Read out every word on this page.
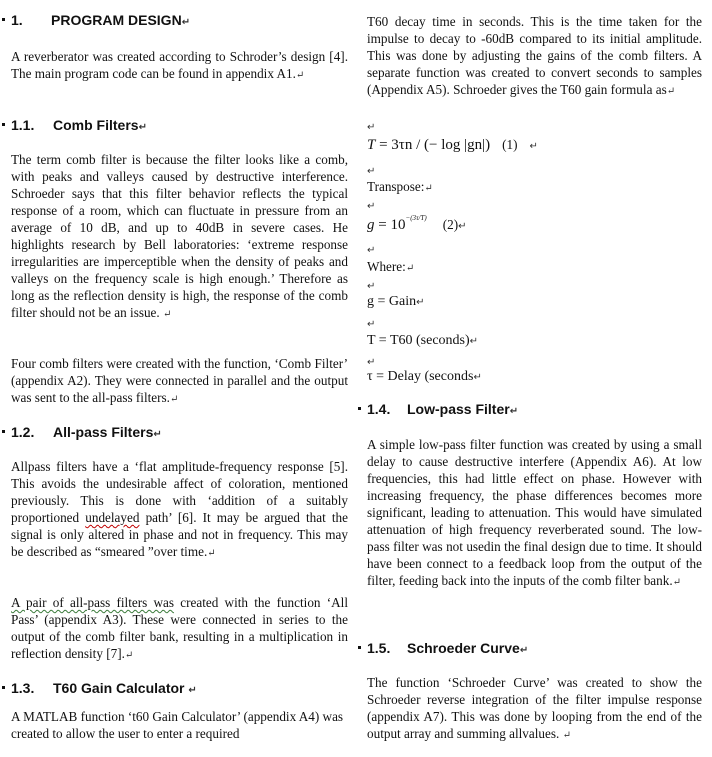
1. PROGRAM DESIGN↵

A reverberator was created according to Schroder’s design [4]. The main program code can be found in appendix A1.↵

1.1. Comb Filters↵

The term comb filter is because the filter looks like a comb, with peaks and valleys caused by destructive interference. Schroeder says that this filter behavior reflects the typical response of a room, which can fluctuate in pressure from an average of 10 dB, and up to 40dB in severe cases. He highlights research by Bell laboratories: ‘extreme response irregularities are imperceptible when the density of peaks and valleys on the frequency scale is high enough.’ Therefore as long as the reflection density is high, the response of the comb filter should not be an issue. ↵

Four comb filters were created with the function, ‘Comb Filter’ (appendix A2). They were connected in parallel and the output was sent to the all-pass filters.↵

1.2. All-pass Filters↵

Allpass filters have a ‘flat amplitude-frequency response [5]. This avoids the undesirable affect of coloration, mentioned previously. This is done with ‘addition of a suitably proportioned undelayed path’ [6]. It may be argued that the signal is only altered in phase and not in frequency. This may be described as “smeared ”over time.↵

A pair of all-pass filters was created with the function ‘All Pass’ (appendix A3). These were connected in series to the output of the comb filter bank, resulting in a multiplication in reflection density [7].↵

1.3. T60 Gain Calculator ↵

A MATLAB function ‘t60 Gain Calculator’ (appendix A4) was created to allow the user to enter a required

T60 decay time in seconds. This is the time taken for the impulse to decay to -60dB compared to its initial amplitude. This was done by adjusting the gains of the comb filters. A separate function was created to convert seconds to samples (Appendix A5). Schroeder gives the T60 gain formula as↵

↵
T = 3τn / (− log |gn|) (1) ↵
↵

Transpose:↵

↵
$g = 10^{-(3\tau/T)}$ (2)↵
↵

Where:↵

↵
g = Gain↵
↵
T = T60 (seconds)↵
↵
τ = Delay (seconds↵
1.4. Low-pass Filter↵

A simple low-pass filter function was created by using a small delay to cause destructive interfere (Appendix A6). At low frequencies, this had little effect on phase. However with increasing frequency, the phase differences becomes more significant, leading to attenuation. This would have simulated attenuation of high frequency reverberated sound. The low-pass filter was not usedin the final design due to time. It should have been connect to a feedback loop from the output of the filter, feeding back into the inputs of the comb filter bank.↵

1.5. Schroeder Curve↵

The function ‘Schroeder Curve’ was created to show the Schroeder reverse integration of the filter impulse response (appendix A7). This was done by looping from the end of the output array and summing allvalues. ↵
